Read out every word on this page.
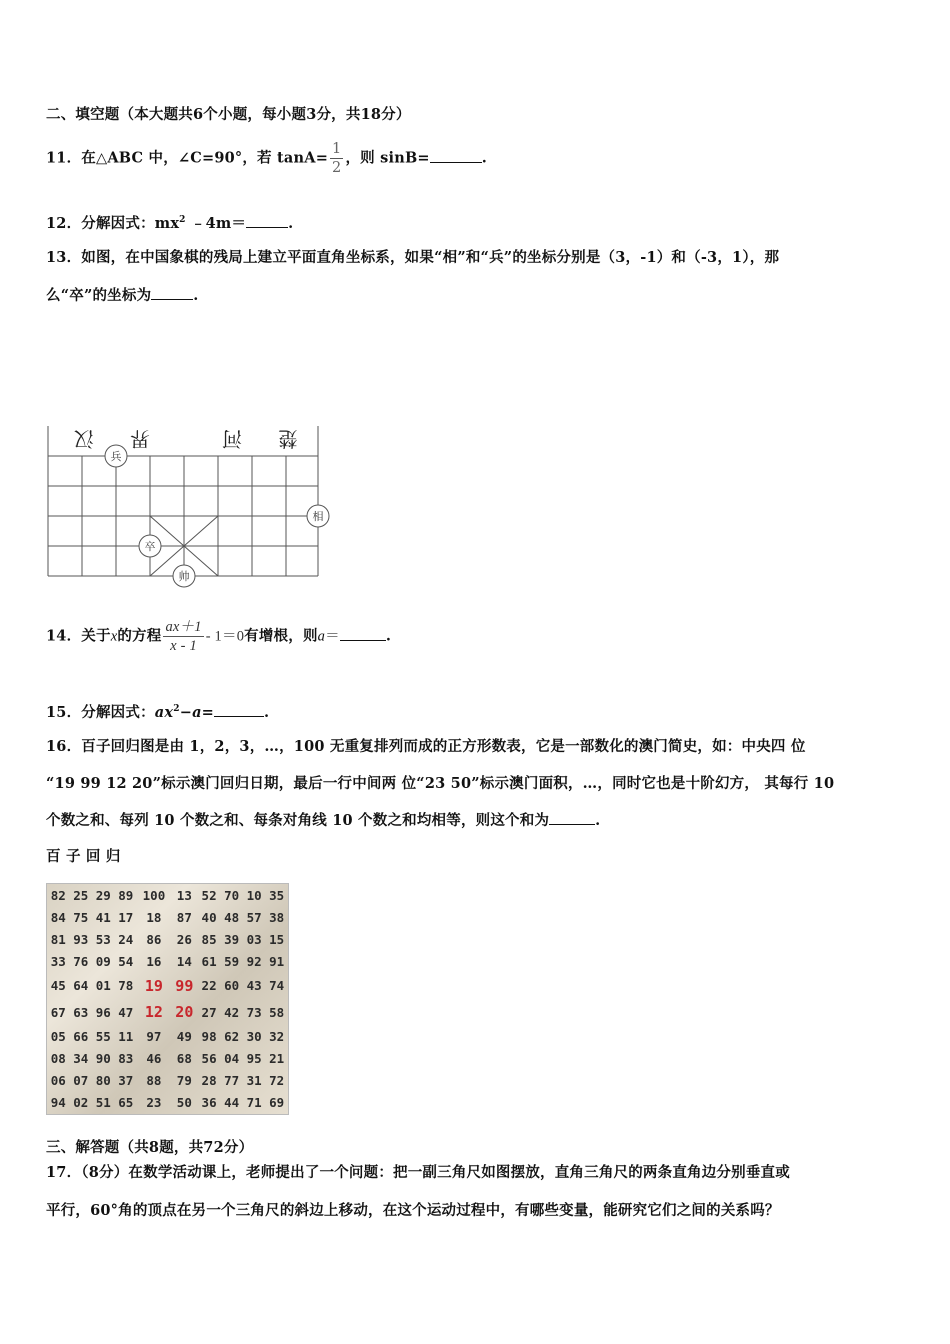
二、填空题（本大题共6个小题，每小题3分，共18分）
11．在△ABC 中，∠C=90°，若 $\tan A= \frac{1}{2}$ ，则 sinB=	.
12．分解因式：$mx^2$ ﹣4m＝	.
13．如图，在中国象棋的残局上建立平面直角坐标系，如果“相”和“兵”的坐标分别是（3，-1）和（-3，1），那
么“卒”的坐标为	.
汉 界	河 楚
兵
相
卒
帅
14．关于x的方程 $\frac{ax+1}{x - 1} - 1=0$有增根，则a＝	.
15．分解因式：$ax^2-a=$	.
16．百子回归图是由 1，2，3，…，100 无重复排列而成的正方形数表，它是一部数化的澳门简史，如：中央四 位
“19 99 12 20”标示澳门回归日期，最后一行中间两 位“23 50”标示澳门面积，…，同时它也是十阶幻方， 其每行 10
个数之和、每列 10 个数之和、每条对角线 10 个数之和均相等，则这个和为	.
百 子 回 归
82	25	29	89	100	13	52	70	10	35
84	75	41	17	18	87	40	48	57	38
81	93	53	24	86	26	85	39	03	15
33	76	09	54	16	14	61	59	92	91
45	64	01	78	19	99	22	60	43	74
67	63	96	47	12	20	27	42	73	58
05	66	55	11	97	49	98	62	30	32
08	34	90	83	46	68	56	04	95	21
06	07	80	37	88	79	28	77	31	72
94	02	51	65	23	50	36	44	71	69
三、解答题（共8题，共72分）
17．（8分）在数学活动课上，老师提出了一个问题：把一副三角尺如图摆放，直角三角尺的两条直角边分别垂直或
平行，60°角的顶点在另一个三角尺的斜边上移动，在这个运动过程中，有哪些变量，能研究它们之间的关系吗？
